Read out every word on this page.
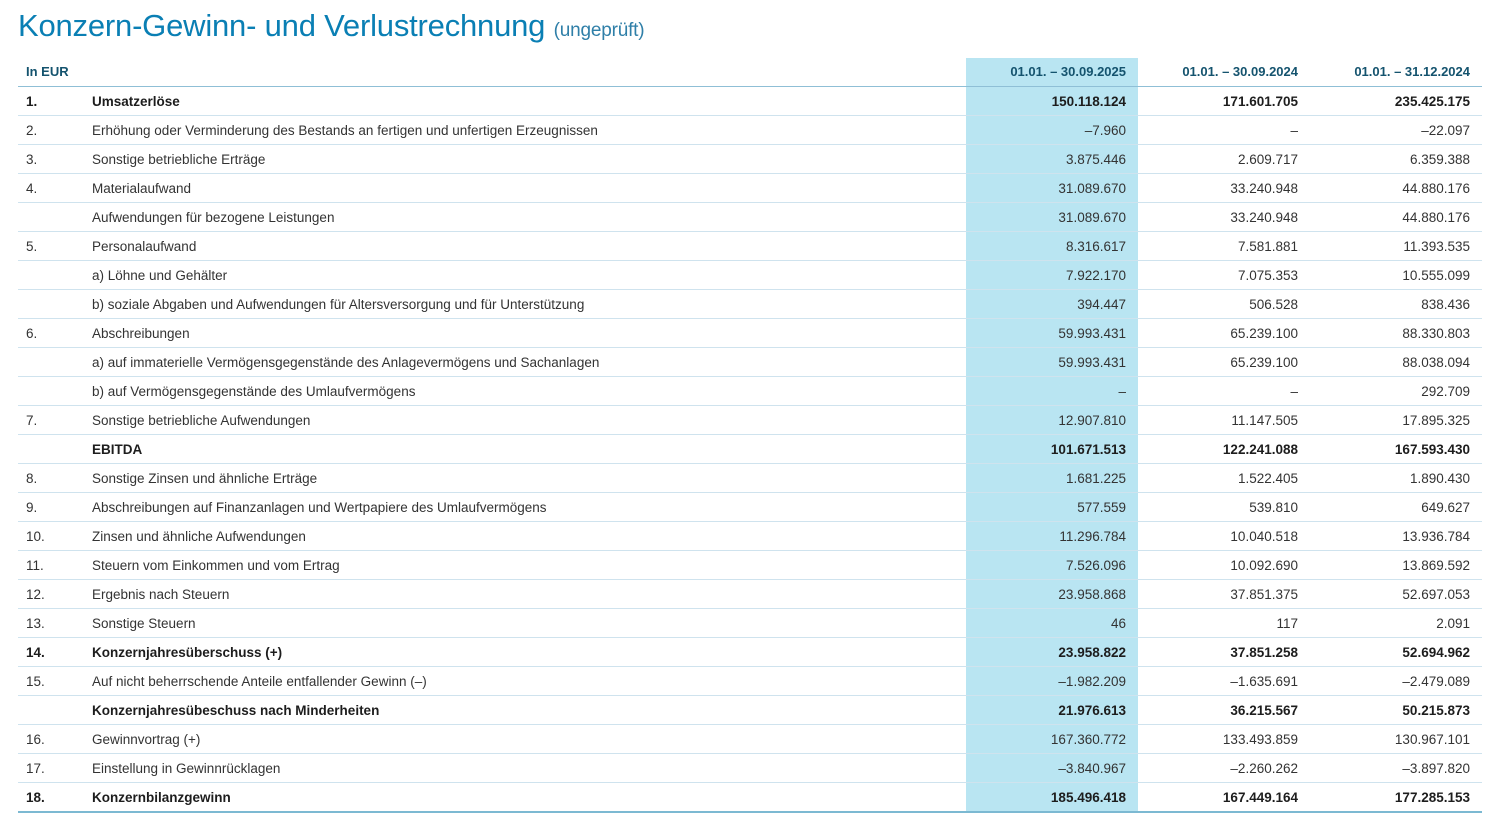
Konzern-Gewinn- und Verlustrechnung (ungeprüft)
In EUR		01.01. – 30.09.2025	01.01. – 30.09.2024	01.01. – 31.12.2024
1.	Umsatzerlöse	150.118.124	171.601.705	235.425.175
2.	Erhöhung oder Verminderung des Bestands an fertigen und unfertigen Erzeugnissen	–7.960	–	–22.097
3.	Sonstige betriebliche Erträge	3.875.446	2.609.717	6.359.388
4.	Materialaufwand	31.089.670	33.240.948	44.880.176
	Aufwendungen für bezogene Leistungen	31.089.670	33.240.948	44.880.176
5.	Personalaufwand	8.316.617	7.581.881	11.393.535
	a) Löhne und Gehälter	7.922.170	7.075.353	10.555.099
	b) soziale Abgaben und Aufwendungen für Altersversorgung und für Unterstützung	394.447	506.528	838.436
6.	Abschreibungen	59.993.431	65.239.100	88.330.803
	a) auf immaterielle Vermögensgegenstände des Anlagevermögens und Sachanlagen	59.993.431	65.239.100	88.038.094
	b) auf Vermögensgegenstände des Umlaufvermögens	–	–	292.709
7.	Sonstige betriebliche Aufwendungen	12.907.810	11.147.505	17.895.325
	EBITDA	101.671.513	122.241.088	167.593.430
8.	Sonstige Zinsen und ähnliche Erträge	1.681.225	1.522.405	1.890.430
9.	Abschreibungen auf Finanzanlagen und Wertpapiere des Umlaufvermögens	577.559	539.810	649.627
10.	Zinsen und ähnliche Aufwendungen	11.296.784	10.040.518	13.936.784
11.	Steuern vom Einkommen und vom Ertrag	7.526.096	10.092.690	13.869.592
12.	Ergebnis nach Steuern	23.958.868	37.851.375	52.697.053
13.	Sonstige Steuern	46	117	2.091
14.	Konzernjahresüberschuss (+)	23.958.822	37.851.258	52.694.962
15.	Auf nicht beherrschende Anteile entfallender Gewinn (–)	–1.982.209	–1.635.691	–2.479.089
	Konzernjahresübeschuss nach Minderheiten	21.976.613	36.215.567	50.215.873
16.	Gewinnvortrag (+)	167.360.772	133.493.859	130.967.101
17.	Einstellung in Gewinnrücklagen	–3.840.967	–2.260.262	–3.897.820
18.	Konzernbilanzgewinn	185.496.418	167.449.164	177.285.153
